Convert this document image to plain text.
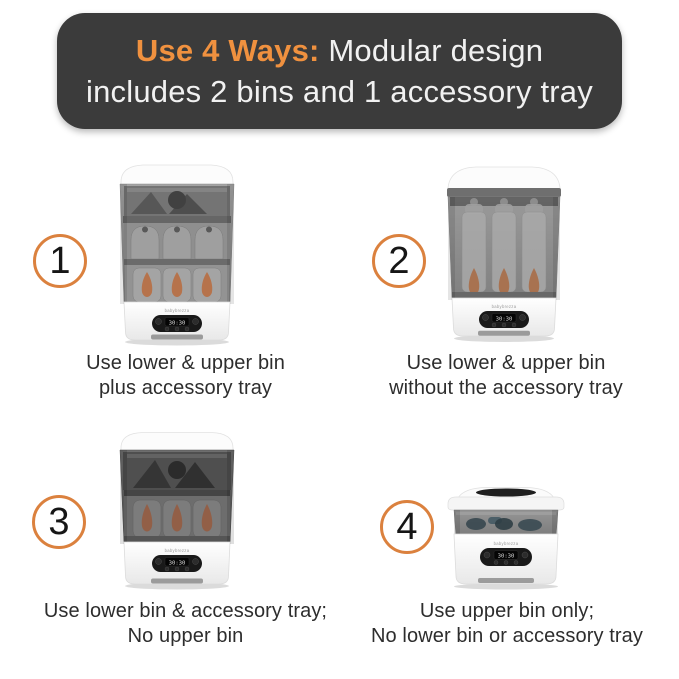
Use 4 Ways: Modular design
includes 2 bins and 1 accessory tray
1	2
3	4
babybrezza
30:30
babybrezza
30:30
babybrezza
30:30
babybrezza
30:30
Use lower & upper bin
plus accessory tray
Use lower & upper bin
without the accessory tray
Use lower bin & accessory tray;
No upper bin
Use upper bin only;
No lower bin or accessory tray
